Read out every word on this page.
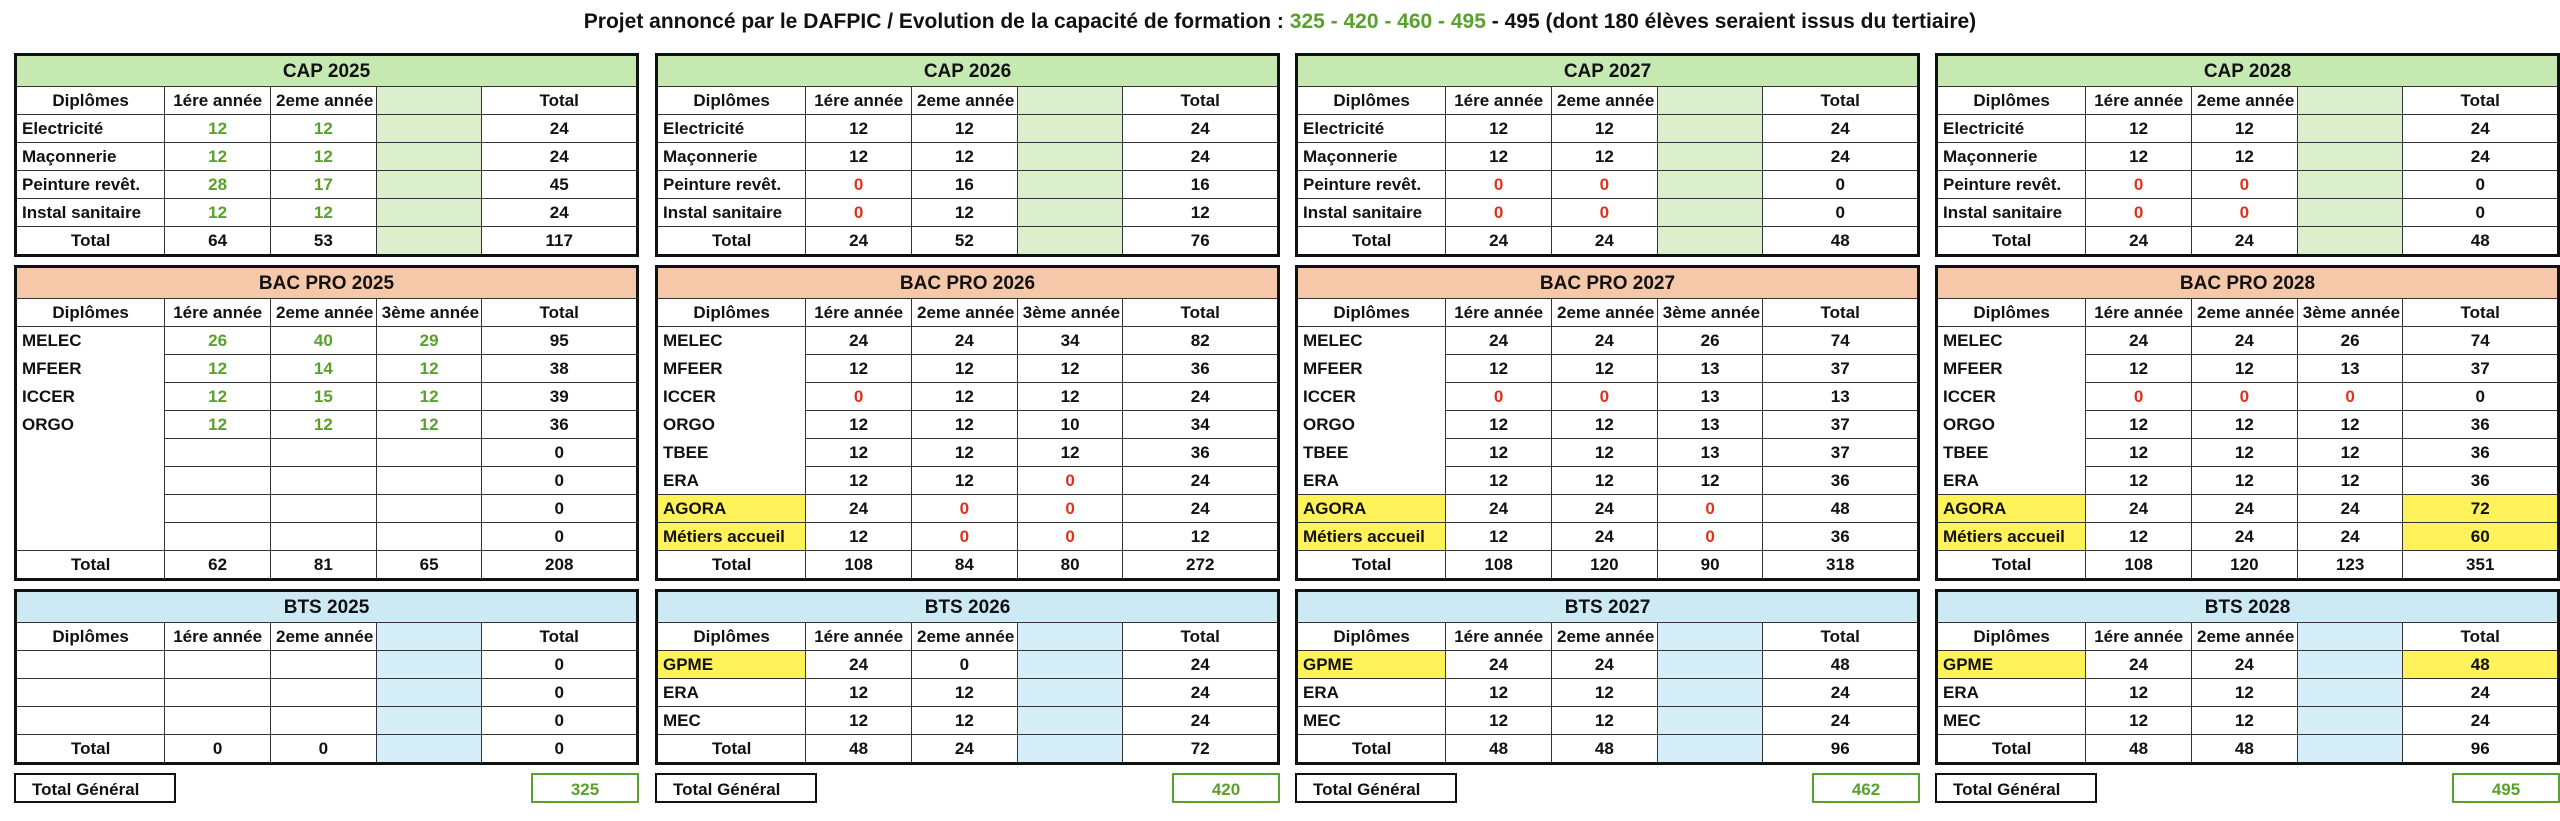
Projet annoncé par le DAFPIC / Evolution de la capacité de formation : 325 - 420 - 460 - 495 - 495 (dont 180 élèves seraient issus du tertiaire)
CAP 2025				
Diplômes	1ére année	2eme année		Total
Electricité	12	12		24
Maçonnerie	12	12		24
Peinture revêt.	28	17		45
Instal sanitaire	12	12		24
Total	64	53		117
BAC PRO 2025				
Diplômes	1ére année	2eme année	3ème année	Total
MELEC	26	40	29	95
MFEER	12	14	12	38
ICCER	12	15	12	39
ORGO	12	12	12	36
				0
				0
				0
				0
Total	62	81	65	208
BTS 2025				
Diplômes	1ére année	2eme année		Total
				0
				0
				0
Total	0	0		0
Total Général	325
CAP 2026				
Diplômes	1ére année	2eme année		Total
Electricité	12	12		24
Maçonnerie	12	12		24
Peinture revêt.	0	16		16
Instal sanitaire	0	12		12
Total	24	52		76
BAC PRO 2026				
Diplômes	1ére année	2eme année	3ème année	Total
MELEC	24	24	34	82
MFEER	12	12	12	36
ICCER	0	12	12	24
ORGO	12	12	10	34
TBEE	12	12	12	36
ERA	12	12	0	24
AGORA	24	0	0	24
Métiers accueil	12	0	0	12
Total	108	84	80	272
BTS 2026				
Diplômes	1ére année	2eme année		Total
GPME	24	0		24
ERA	12	12		24
MEC	12	12		24
Total	48	24		72
Total Général	420
CAP 2027				
Diplômes	1ére année	2eme année		Total
Electricité	12	12		24
Maçonnerie	12	12		24
Peinture revêt.	0	0		0
Instal sanitaire	0	0		0
Total	24	24		48
BAC PRO 2027				
Diplômes	1ére année	2eme année	3ème année	Total
MELEC	24	24	26	74
MFEER	12	12	13	37
ICCER	0	0	13	13
ORGO	12	12	13	37
TBEE	12	12	13	37
ERA	12	12	12	36
AGORA	24	24	0	48
Métiers accueil	12	24	0	36
Total	108	120	90	318
BTS 2027				
Diplômes	1ére année	2eme année		Total
GPME	24	24		48
ERA	12	12		24
MEC	12	12		24
Total	48	48		96
Total Général	462
CAP 2028				
Diplômes	1ére année	2eme année		Total
Electricité	12	12		24
Maçonnerie	12	12		24
Peinture revêt.	0	0		0
Instal sanitaire	0	0		0
Total	24	24		48
BAC PRO 2028				
Diplômes	1ére année	2eme année	3ème année	Total
MELEC	24	24	26	74
MFEER	12	12	13	37
ICCER	0	0	0	0
ORGO	12	12	12	36
TBEE	12	12	12	36
ERA	12	12	12	36
AGORA	24	24	24	72
Métiers accueil	12	24	24	60
Total	108	120	123	351
BTS 2028				
Diplômes	1ére année	2eme année		Total
GPME	24	24		48
ERA	12	12		24
MEC	12	12		24
Total	48	48		96
Total Général	495
